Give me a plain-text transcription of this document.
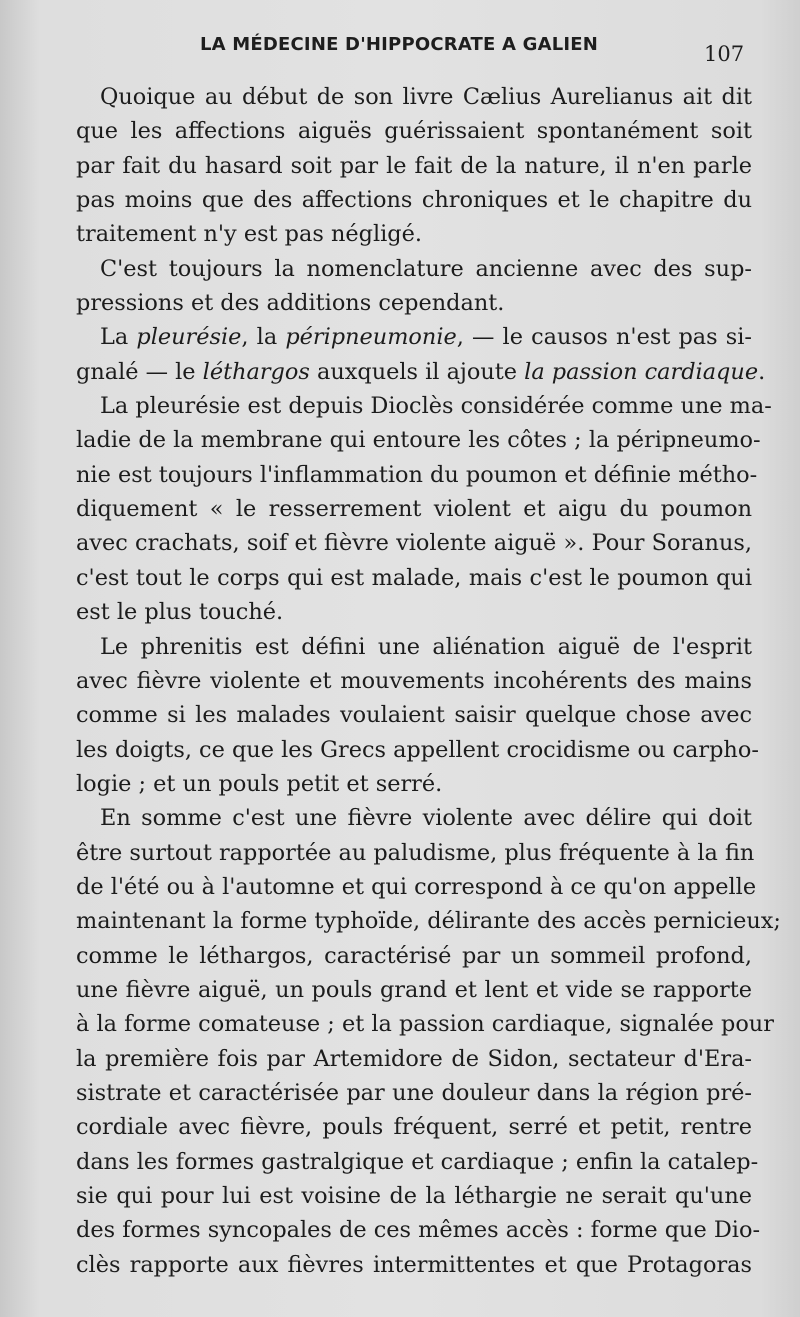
LA MÉDECINE D'HIPPOCRATE A GALIEN	107
Quoique au début de son livre Cælius Aurelianus ait dit
que les affections aiguës guérissaient spontanément soit
par fait du hasard soit par le fait de la nature, il n'en parle
pas moins que des affections chroniques et le chapitre du
traitement n'y est pas négligé.
C'est toujours la nomenclature ancienne avec des sup-
pressions et des additions cependant.
La pleurésie, la péripneumonie, — le causos n'est pas si-
gnalé — le léthargos auxquels il ajoute la passion cardiaque.
La pleurésie est depuis Dioclès considérée comme une ma-
ladie de la membrane qui entoure les côtes ; la péripneumo-
nie est toujours l'inflammation du poumon et définie métho-
diquement « le resserrement violent et aigu du poumon
avec crachats, soif et fièvre violente aiguë ». Pour Soranus,
c'est tout le corps qui est malade, mais c'est le poumon qui
est le plus touché.
Le phrenitis est défini une aliénation aiguë de l'esprit
avec fièvre violente et mouvements incohérents des mains
comme si les malades voulaient saisir quelque chose avec
les doigts, ce que les Grecs appellent crocidisme ou carpho-
logie ; et un pouls petit et serré.
En somme c'est une fièvre violente avec délire qui doit
être surtout rapportée au paludisme, plus fréquente à la fin
de l'été ou à l'automne et qui correspond à ce qu'on appelle
maintenant la forme typhoïde, délirante des accès pernicieux;
comme le léthargos, caractérisé par un sommeil profond,
une fièvre aiguë, un pouls grand et lent et vide se rapporte
à la forme comateuse ; et la passion cardiaque, signalée pour
la première fois par Artemidore de Sidon, sectateur d'Era-
sistrate et caractérisée par une douleur dans la région pré-
cordiale avec fièvre, pouls fréquent, serré et petit, rentre
dans les formes gastralgique et cardiaque ; enfin la catalep-
sie qui pour lui est voisine de la léthargie ne serait qu'une
des formes syncopales de ces mêmes accès : forme que Dio-
clès rapporte aux fièvres intermittentes et que Protagoras
